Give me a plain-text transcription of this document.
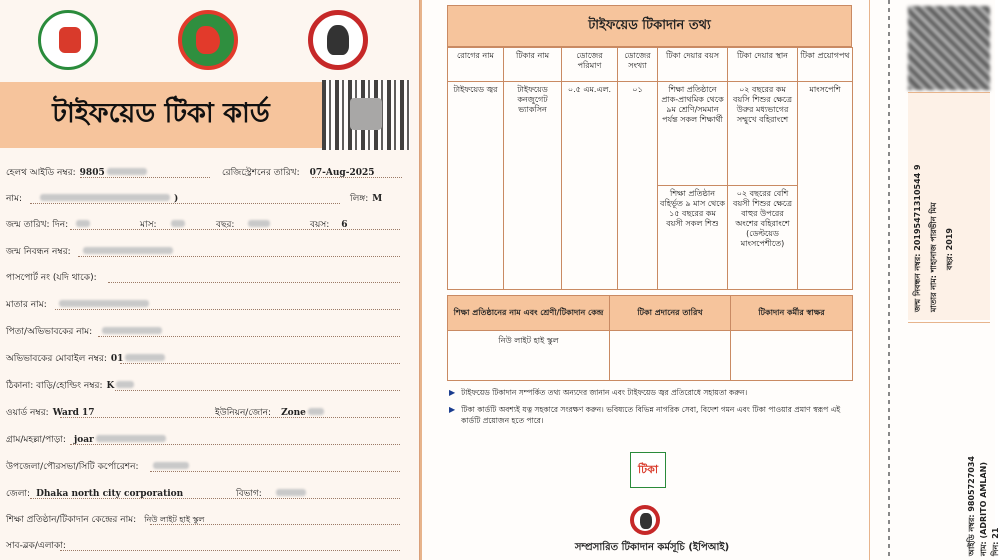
টাইফয়েড টিকা কার্ড
হেলথ আইডি নম্বর: 9805	রেজিস্ট্রেশনের তারিখ: 07-Aug-2025
নাম:	)	লিঙ্গ: M
জন্ম তারিখ: দিন:	মাস:	বছর:	বয়স: 6
জন্ম নিবন্ধন নম্বর:
পাসপোর্ট নং (যদি থাকে):
মাতার নাম:
পিতা/অভিভাবকের নাম:
অভিভাবকের মোবাইল নম্বর: 01
ঠিকানা: বাড়ি/হোল্ডিং নম্বর: K
ওয়ার্ড নম্বর: Ward 17	ইউনিয়ন/জোন: Zone
গ্রাম/মহল্লা/পাড়া: joar
উপজেলা/পৌরসভা/সিটি কর্পোরেশন:
জেলা: Dhaka north city corporation	বিভাগ:
শিক্ষা প্রতিষ্ঠান/টিকাদান কেন্দ্রের নাম: নিউ লাইট হাই স্কুল
সাব-ব্লক/এলাকা:
টাইফয়েড টিকাদান তথ্য
রোগের নাম	টিকার নাম	ডোজের পরিমাণ	ডোজের সংখ্যা	টিকা দেয়ার বয়স	টিকা দেয়ার স্থান	টিকা প্রয়োগপথ
টাইফয়েড জ্বর	টাইফয়েড কনজুগেট ভ্যাকসিন	০.৫ এম.এল.	০১	শিক্ষা প্রতিষ্ঠানে প্রাক-প্রাথমিক থেকে ৯ম শ্রেণি/সমমান পর্যন্ত সকল শিক্ষার্থী	০২ বছরের কম বয়সি শিশুর ক্ষেত্রে উরুর মধ্যভাগের সম্মুখে বহিরাংশে	মাংসপেশি
				শিক্ষা প্রতিষ্ঠান বহির্ভূত ৯ মাস থেকে ১৫ বছরের কম বয়সী সকল শিশু	০২ বছরের বেশি বয়সী শিশুর ক্ষেত্রে বাহুর উপরের অংশের বহিরাংশে (ডেল্টয়েড মাংসপেশীতে)	
শিক্ষা প্রতিষ্ঠানের নাম এবং শ্রেণী/টিকাদান কেন্দ্র	টিকা প্রদানের তারিখ	টিকাদান কর্মীর স্বাক্ষর
নিউ লাইট হাই স্কুল		
▶ টাইফয়েড টিকাদান সম্পর্কিত তথ্য অন্যদের জানান এবং টাইফয়েড জ্বর প্রতিরোধে সহায়তা করুন।
▶ টিকা কার্ডটি অবশ্যই যত্ন সহকারে সংরক্ষণ করুন। ভবিষ্যতে বিভিন্ন নাগরিক সেবা, বিদেশ গমন এবং টিকা পাওয়ার প্রমাণ স্বরূপ এই কার্ডটি প্রয়োজন হতে পারে।
টিকা
সম্প্রসারিত টিকাদান কর্মসূচি (ইপিআই)
জন্ম নিবন্ধন নম্বর: 20195471310544 9 মাতার নাম: শাহানাজ পারভীন মিম বছর: 2019
আইডি নম্বর: 9805727034 নাম: (ADRITO AMLAN) দিন: 21
